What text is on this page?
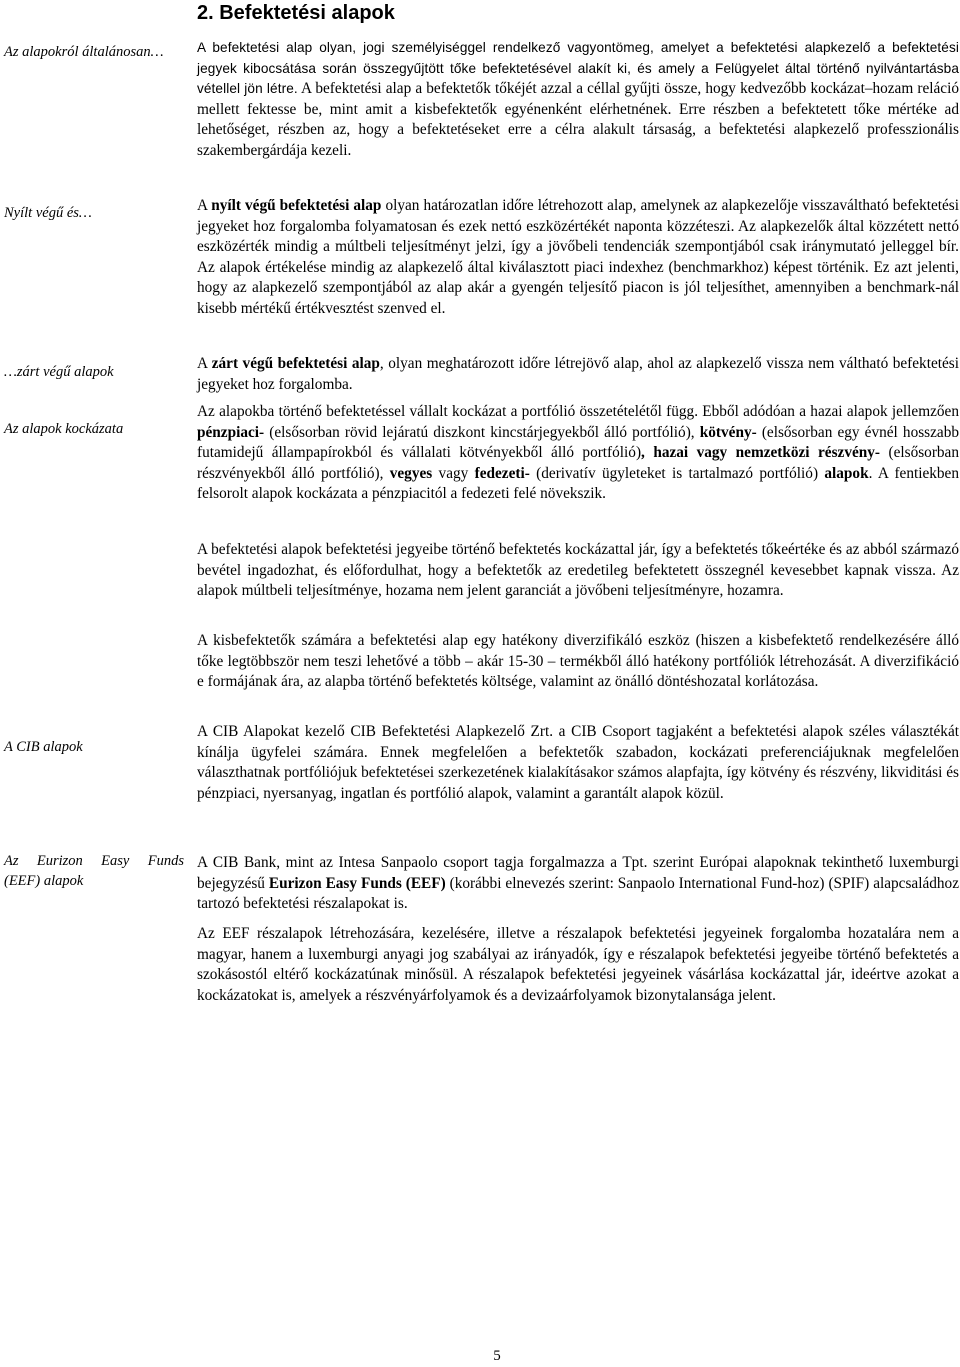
2. Befektetési alapok
Az alapokról általánosan…
Nyílt végű és…
…zárt végű alapok
Az alapok kockázata
A CIB alapok
Az Eurizon Easy Funds
(EEF) alapok
A befektetési alap olyan, jogi személyiséggel rendelkező vagyontömeg, amelyet a befektetési alapkezelő a befektetési jegyek kibocsátása során összegyűjtött tőke befektetésével alakít ki, és amely a Felügyelet által történő nyilvántartásba vétellel jön létre. A befektetési alap a befektetők tőkéjét azzal a céllal gyűjti össze, hogy kedvezőbb kockázat–hozam reláció mellett fektesse be, mint amit a kisbefektetők egyénenként elérhetnének. Erre részben a befektetett tőke mértéke ad lehetőséget, részben az, hogy a befektetéseket erre a célra alakult társaság, a befektetési alapkezelő professzionális szakembergárdája kezeli.
A nyílt végű befektetési alap olyan határozatlan időre létrehozott alap, amelynek az alapkezelője visszaváltható befektetési jegyeket hoz forgalomba folyamatosan és ezek nettó eszközértékét naponta közzéteszi. Az alapkezelők által közzétett nettó eszközérték mindig a múltbeli teljesítményt jelzi, így a jövőbeli tendenciák szempontjából csak iránymutató jelleggel bír. Az alapok értékelése mindig az alapkezelő által kiválasztott piaci indexhez (benchmarkhoz) képest történik. Ez azt jelenti, hogy az alapkezelő szempontjából az alap akár a gyengén teljesítő piacon is jól teljesíthet, amennyiben a benchmark-nál kisebb mértékű értékvesztést szenved el.
A zárt végű befektetési alap, olyan meghatározott időre létrejövő alap, ahol az alapkezelő vissza nem váltható befektetési jegyeket hoz forgalomba.
Az alapokba történő befektetéssel vállalt kockázat a portfólió összetételétől függ. Ebből adódóan a hazai alapok jellemzően pénzpiaci- (elsősorban rövid lejáratú diszkont kincstárjegyekből álló portfólió), kötvény- (elsősorban egy évnél hosszabb futamidejű állampapírokból és vállalati kötvényekből álló portfólió), hazai vagy nemzetközi részvény- (elsősorban részvényekből álló portfólió), vegyes vagy fedezeti- (derivatív ügyleteket is tartalmazó portfólió) alapok. A fentiekben felsorolt alapok kockázata a pénzpiacitól a fedezeti felé növekszik.
A befektetési alapok befektetési jegyeibe történő befektetés kockázattal jár, így a befektetés tőkeértéke és az abból származó bevétel ingadozhat, és előfordulhat, hogy a befektetők az eredetileg befektetett összegnél kevesebbet kapnak vissza. Az alapok múltbeli teljesítménye, hozama nem jelent garanciát a jövőbeni teljesítményre, hozamra.
A kisbefektetők számára a befektetési alap egy hatékony diverzifikáló eszköz (hiszen a kisbefektető rendelkezésére álló tőke legtöbbször nem teszi lehetővé a több – akár 15-30 – termékből álló hatékony portfóliók létrehozását. A diverzifikáció e formájának ára, az alapba történő befektetés költsége, valamint az önálló döntéshozatal korlátozása.
A CIB Alapokat kezelő CIB Befektetési Alapkezelő Zrt. a CIB Csoport tagjaként a befektetési alapok széles választékát kínálja ügyfelei számára. Ennek megfelelően a befektetők szabadon, kockázati preferenciájuknak megfelelően választhatnak portfóliójuk befektetései szerkezetének kialakításakor számos alapfajta, így kötvény és részvény, likviditási és pénzpiaci, nyersanyag, ingatlan és portfólió alapok, valamint a garantált alapok közül.
A CIB Bank, mint az Intesa Sanpaolo csoport tagja forgalmazza a Tpt. szerint Európai alapoknak tekinthető luxemburgi bejegyzésű Eurizon Easy Funds (EEF) (korábbi elnevezés szerint: Sanpaolo International Fund-hoz) (SPIF) alapcsaládhoz tartozó befektetési részalapokat is.
Az EEF részalapok létrehozására, kezelésére, illetve a részalapok befektetési jegyeinek forgalomba hozatalára nem a magyar, hanem a luxemburgi anyagi jog szabályai az irányadók, így e részalapok befektetési jegyeibe történő befektetés a szokásostól eltérő kockázatúnak minősül. A részalapok befektetési jegyeinek vásárlása kockázattal jár, ideértve azokat a kockázatokat is, amelyek a részvényárfolyamok és a devizaárfolyamok bizonytalansága jelent.
5
